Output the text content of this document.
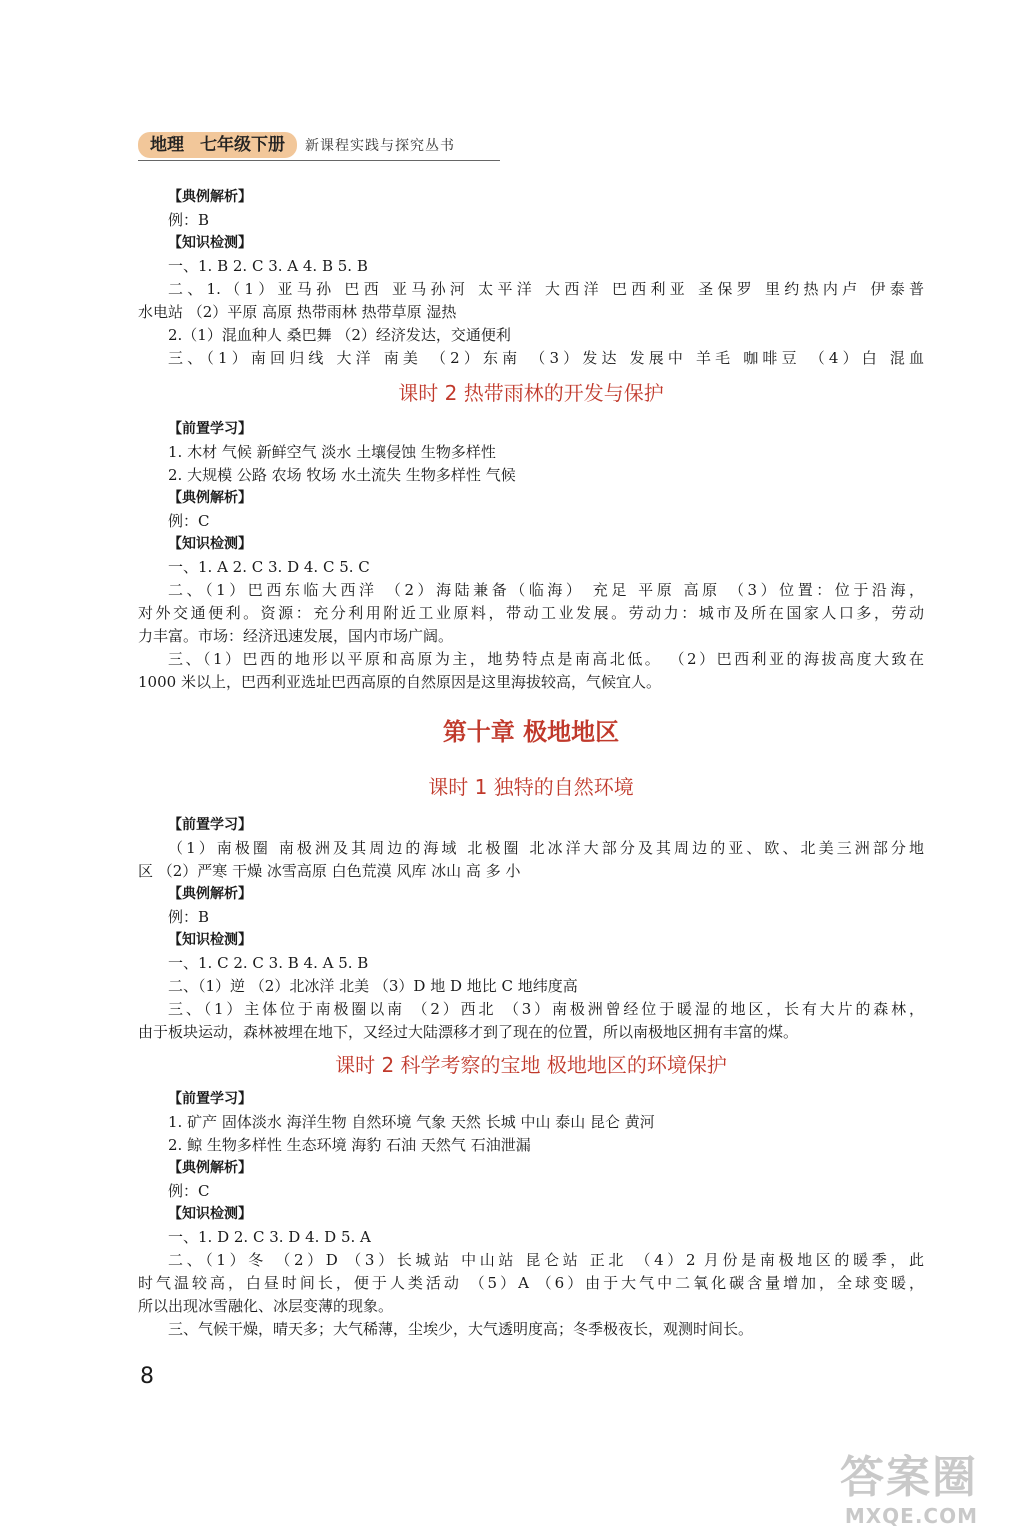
地理 七年级下册	新课程实践与探究丛书

【典例解析】

例：B

【知识检测】

一、1. B 2. C 3. A 4. B 5. B

二、1.（1）亚马孙 巴西 亚马孙河 太平洋 大西洋 巴西利亚 圣保罗 里约热内卢 伊泰普

水电站 （2）平原 高原 热带雨林 热带草原 湿热

2.（1）混血种人 桑巴舞 （2）经济发达，交通便利

三、（1）南回归线 大洋 南美 （2）东南 （3）发达 发展中 羊毛 咖啡豆 （4）白 混血

课时 2 热带雨林的开发与保护

【前置学习】

1. 木材 气候 新鲜空气 淡水 土壤侵蚀 生物多样性

2. 大规模 公路 农场 牧场 水土流失 生物多样性 气候

【典例解析】

例：C

【知识检测】

一、1. A 2. C 3. D 4. C 5. C

二、（1）巴西东临大西洋 （2）海陆兼备（临海） 充足 平原 高原 （3）位置：位于沿海，

对外交通便利。资源：充分利用附近工业原料，带动工业发展。劳动力：城市及所在国家人口多，劳动

力丰富。市场：经济迅速发展，国内市场广阔。

三、（1）巴西的地形以平原和高原为主，地势特点是南高北低。 （2）巴西利亚的海拔高度大致在

1000 米以上，巴西利亚选址巴西高原的自然原因是这里海拔较高，气候宜人。

第十章 极地地区
课时 1 独特的自然环境

【前置学习】

（1）南极圈 南极洲及其周边的海域 北极圈 北冰洋大部分及其周边的亚、欧、北美三洲部分地

区 （2）严寒 干燥 冰雪高原 白色荒漠 风库 冰山 高 多 小

【典例解析】

例：B

【知识检测】

一、1. C 2. C 3. B 4. A 5. B

二、（1）逆 （2）北冰洋 北美 （3）D 地 D 地比 C 地纬度高

三、（1）主体位于南极圈以南 （2）西北 （3）南极洲曾经位于暖湿的地区，长有大片的森林，

由于板块运动，森林被埋在地下，又经过大陆漂移才到了现在的位置，所以南极地区拥有丰富的煤。

课时 2 科学考察的宝地 极地地区的环境保护

【前置学习】

1. 矿产 固体淡水 海洋生物 自然环境 气象 天然 长城 中山 泰山 昆仑 黄河

2. 鲸 生物多样性 生态环境 海豹 石油 天然气 石油泄漏

【典例解析】

例：C

【知识检测】

一、1. D 2. C 3. D 4. D 5. A

二、（1）冬 （2）D （3）长城站 中山站 昆仑站 正北 （4）2 月份是南极地区的暖季，此

时气温较高，白昼时间长，便于人类活动 （5）A （6）由于大气中二氧化碳含量增加，全球变暖，

所以出现冰雪融化、冰层变薄的现象。

三、气候干燥，晴天多；大气稀薄，尘埃少，大气透明度高；冬季极夜长，观测时间长。

8
答案圈
MXQE.COM
